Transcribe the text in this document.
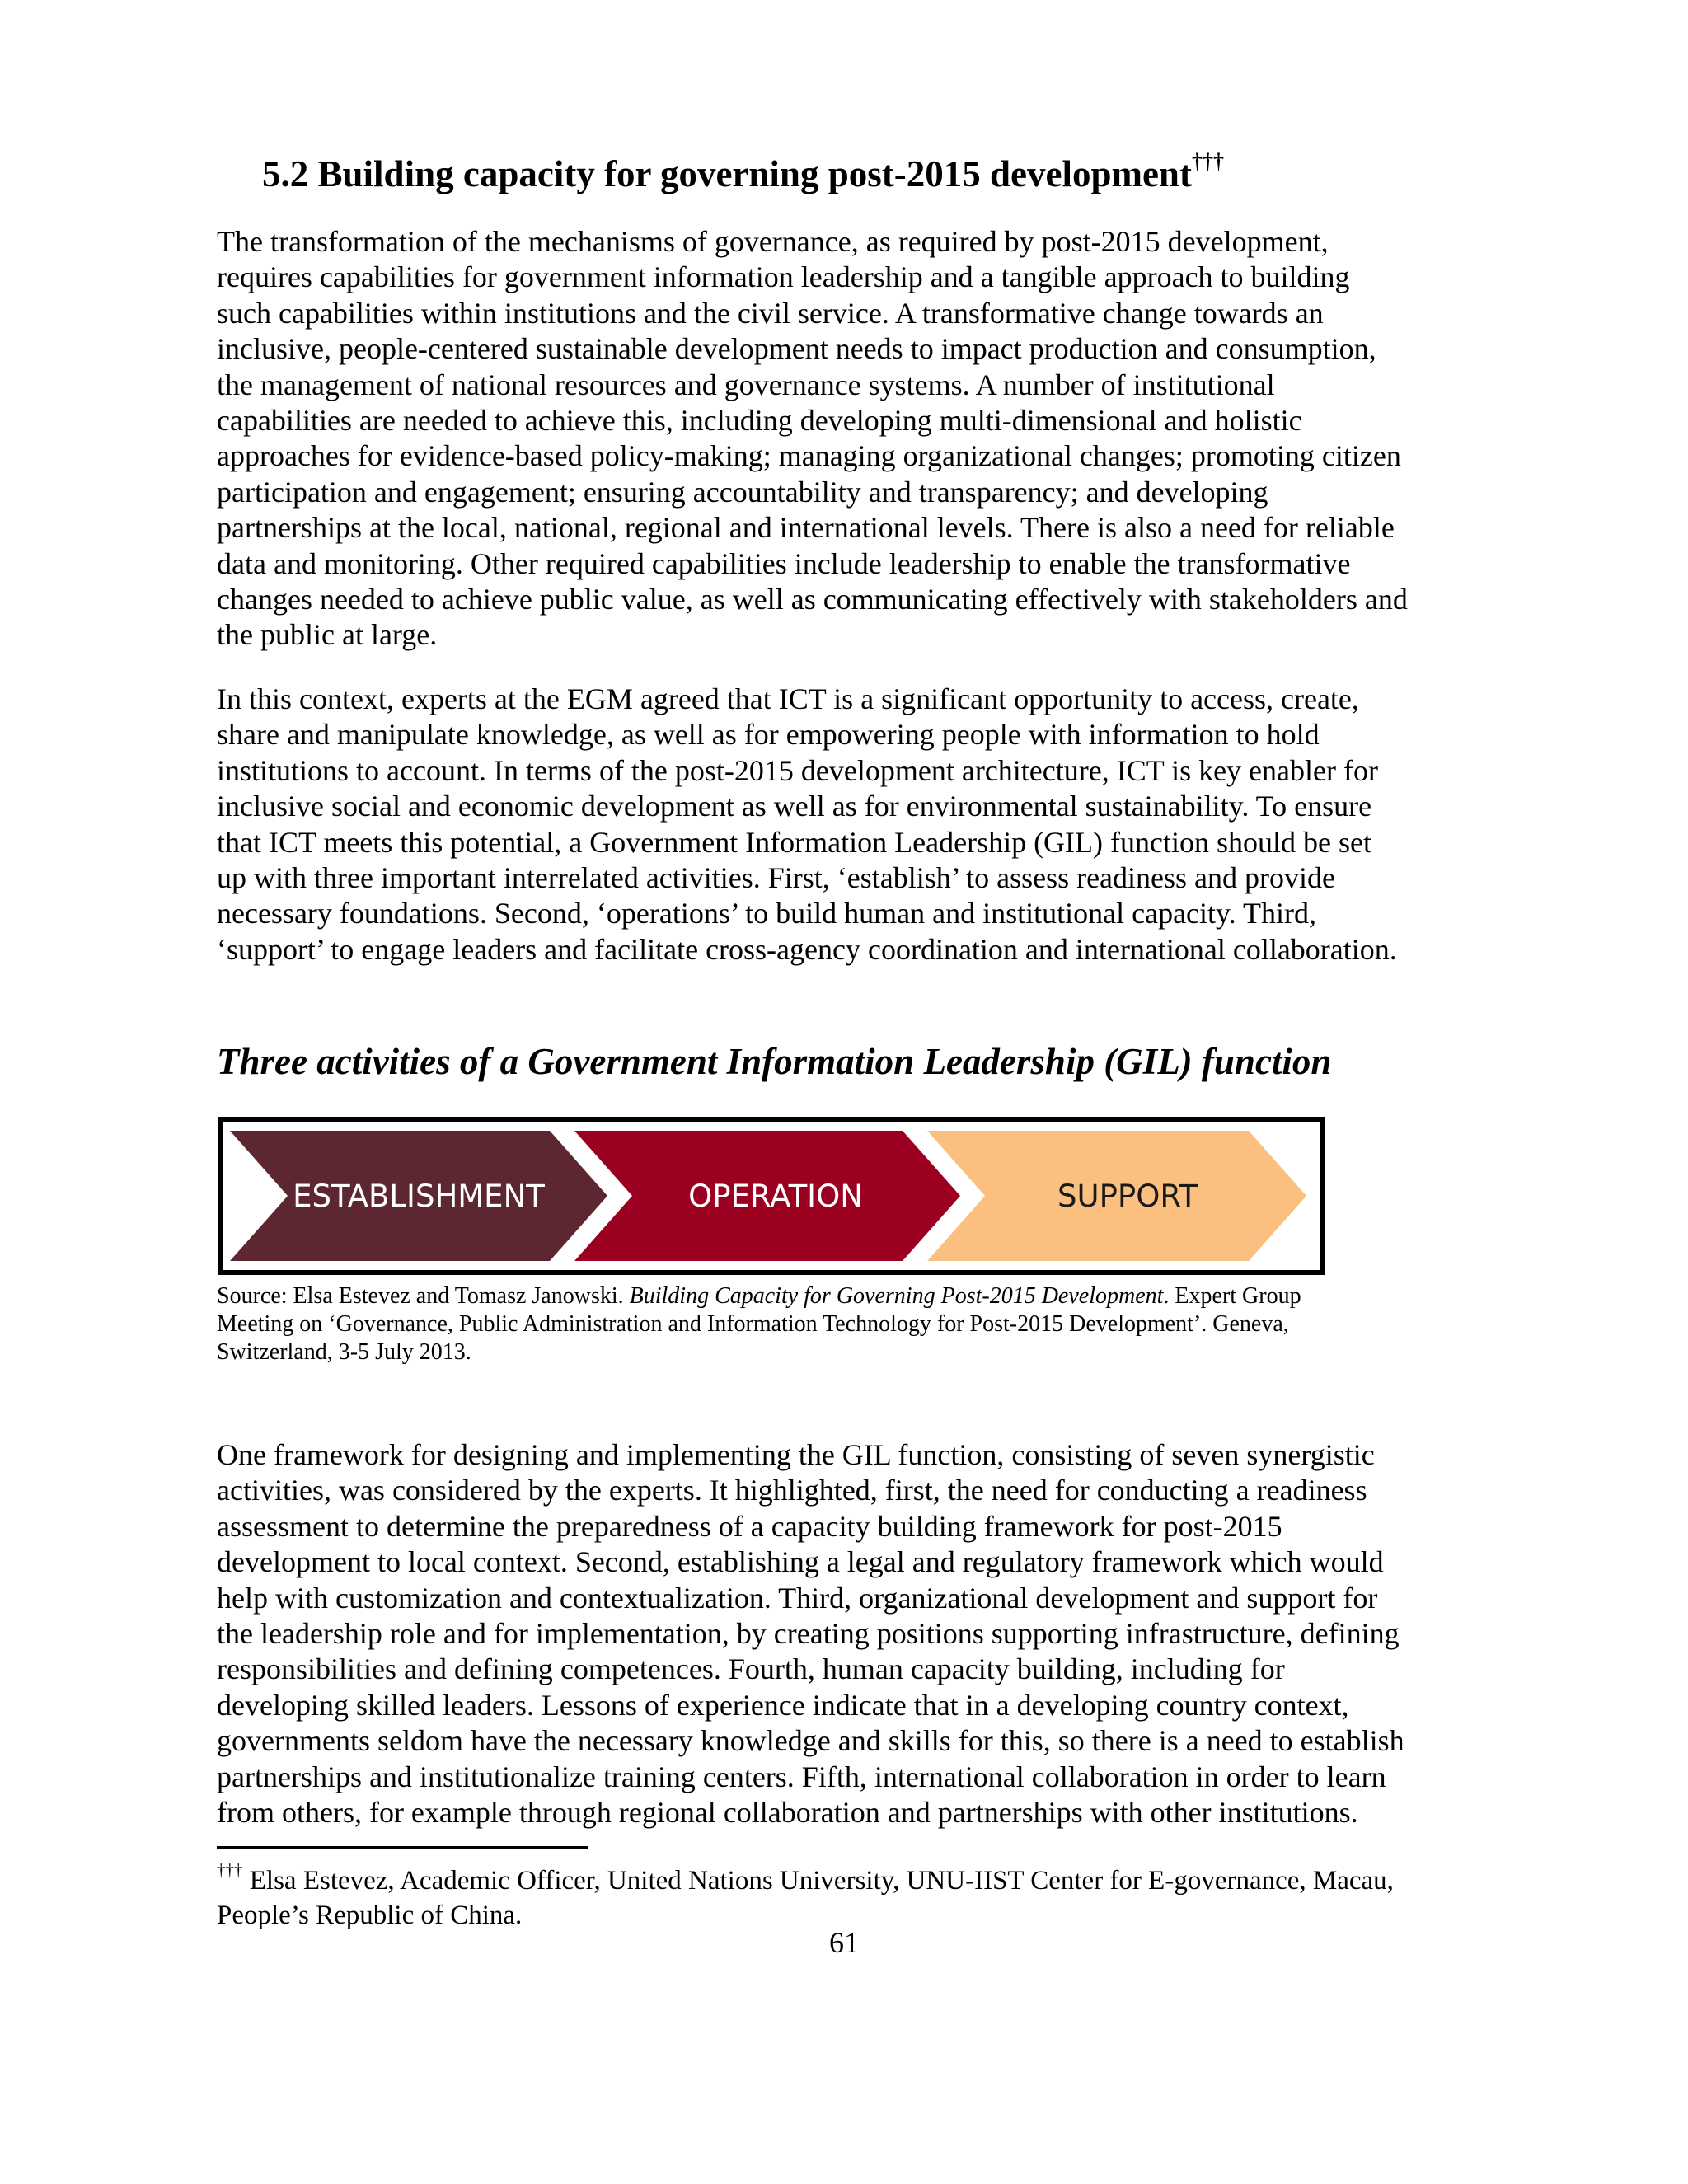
5.2 Building capacity for governing post-2015 development†††

The transformation of the mechanisms of governance, as required by post-2015 development,
requires capabilities for government information leadership and a tangible approach to building
such capabilities within institutions and the civil service. A transformative change towards an
inclusive, people-centered sustainable development needs to impact production and consumption,
the management of national resources and governance systems. A number of institutional
capabilities are needed to achieve this, including developing multi-dimensional and holistic
approaches for evidence-based policy-making; managing organizational changes; promoting citizen
participation and engagement; ensuring accountability and transparency; and developing
partnerships at the local, national, regional and international levels. There is also a need for reliable
data and monitoring. Other required capabilities include leadership to enable the transformative
changes needed to achieve public value, as well as communicating effectively with stakeholders and
the public at large.

In this context, experts at the EGM agreed that ICT is a significant opportunity to access, create,
share and manipulate knowledge, as well as for empowering people with information to hold
institutions to account. In terms of the post-2015 development architecture, ICT is key enabler for
inclusive social and economic development as well as for environmental sustainability. To ensure
that ICT meets this potential, a Government Information Leadership (GIL) function should be set
up with three important interrelated activities. First, ‘establish’ to assess readiness and provide
necessary foundations. Second, ‘operations’ to build human and institutional capacity. Third,
‘support’ to engage leaders and facilitate cross-agency coordination and international collaboration.

Three activities of a Government Information Leadership (GIL) function
ESTABLISHMENT	OPERATION	SUPPORT

Source: Elsa Estevez and Tomasz Janowski. Building Capacity for Governing Post-2015 Development. Expert Group Meeting on ‘Governance, Public Administration and Information Technology for Post-2015 Development’. Geneva, Switzerland, 3-5 July 2013.

One framework for designing and implementing the GIL function, consisting of seven synergistic
activities, was considered by the experts. It highlighted, first, the need for conducting a readiness
assessment to determine the preparedness of a capacity building framework for post-2015
development to local context. Second, establishing a legal and regulatory framework which would
help with customization and contextualization. Third, organizational development and support for
the leadership role and for implementation, by creating positions supporting infrastructure, defining
responsibilities and defining competences. Fourth, human capacity building, including for
developing skilled leaders. Lessons of experience indicate that in a developing country context,
governments seldom have the necessary knowledge and skills for this, so there is a need to establish
partnerships and institutionalize training centers. Fifth, international collaboration in order to learn
from others, for example through regional collaboration and partnerships with other institutions.

††† Elsa Estevez, Academic Officer, United Nations University, UNU-IIST Center for E-governance, Macau,
People’s Republic of China.

61
